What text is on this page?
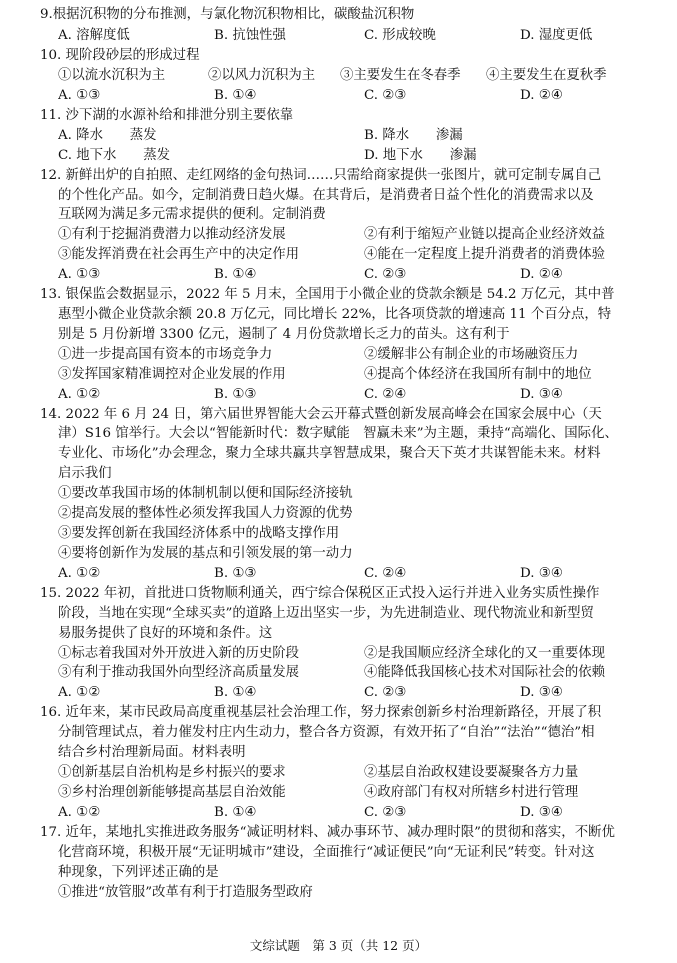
9.根据沉积物的分布推测，与氯化物沉积物相比，碳酸盐沉积物
A. 溶解度低	B. 抗蚀性强	C. 形成较晚	D. 湿度更低
10. 现阶段砂层的形成过程
①以流水沉积为主	②以风力沉积为主 ③主要发生在冬春季 ④主要发生在夏秋季
A. ①③	B. ①④	C. ②③	D. ②④
11. 沙下湖的水源补给和排泄分别主要依靠
A. 降水　　蒸发	B. 降水　　渗漏
C. 地下水　　蒸发	D. 地下水　　渗漏
12. 新鲜出炉的自拍照、走红网络的金句热词……只需给商家提供一张图片，就可定制专属自己
的个性化产品。如今，定制消费日趋火爆。在其背后，是消费者日益个性化的消费需求以及
互联网为满足多元需求提供的便利。定制消费
①有利于挖掘消费潜力以推动经济发展	②有利于缩短产业链以提高企业经济效益
③能发挥消费在社会再生产中的决定作用	④能在一定程度上提升消费者的消费体验
A. ①③	B. ①④	C. ②③	D. ②④
13. 银保监会数据显示，2022 年 5 月末，全国用于小微企业的贷款余额是 54.2 万亿元，其中普
惠型小微企业贷款余额 20.8 万亿元，同比增长 22%，比各项贷款的增速高 11 个百分点，特
别是 5 月份新增 3300 亿元，遏制了 4 月份贷款增长乏力的苗头。这有利于
①进一步提高国有资本的市场竞争力	②缓解非公有制企业的市场融资压力
③发挥国家精准调控对企业发展的作用	④提高个体经济在我国所有制中的地位
A. ①②	B. ①③	C. ②④	D. ③④
14. 2022 年 6 月 24 日，第六届世界智能大会云开幕式暨创新发展高峰会在国家会展中心（天
津）S16 馆举行。大会以“智能新时代：数字赋能　智赢未来”为主题，秉持“高端化、国际化、
专业化、市场化”办会理念，聚力全球共赢共享智慧成果，聚合天下英才共谋智能未来。材料
启示我们
①要改革我国市场的体制机制以便和国际经济接轨
②提高发展的整体性必须发挥我国人力资源的优势
③要发挥创新在我国经济体系中的战略支撑作用
④要将创新作为发展的基点和引领发展的第一动力
A. ①②	B. ①③	C. ②④	D. ③④
15. 2022 年初，首批进口货物顺利通关，西宁综合保税区正式投入运行并进入业务实质性操作
阶段，当地在实现“全球买卖”的道路上迈出坚实一步，为先进制造业、现代物流业和新型贸
易服务提供了良好的环境和条件。这
①标志着我国对外开放进入新的历史阶段	②是我国顺应经济全球化的又一重要体现
③有利于推动我国外向型经济高质量发展	④能降低我国核心技术对国际社会的依赖
A. ①②	B. ①④	C. ②③	D. ③④
16. 近年来，某市民政局高度重视基层社会治理工作，努力探索创新乡村治理新路径，开展了积
分制管理试点，着力催发村庄内生动力，整合各方资源，有效开拓了“自治”“法治”“德治”相
结合乡村治理新局面。材料表明
①创新基层自治机构是乡村振兴的要求	②基层自治政权建设要凝聚各方力量
③乡村治理创新能够提高基层自治效能	④政府部门有权对所辖乡村进行管理
A. ①②	B. ①④	C. ②③	D. ③④
文综试题　第 3 页（共 12 页）
17. 近年，某地扎实推进政务服务“减证明材料、减办事环节、减办理时限”的贯彻和落实，不断优
化营商环境，积极开展“无证明城市”建设，全面推行“减证便民”向“无证利民”转变。针对这
种现象，下列评述正确的是
①推进“放管服”改革有利于打造服务型政府
